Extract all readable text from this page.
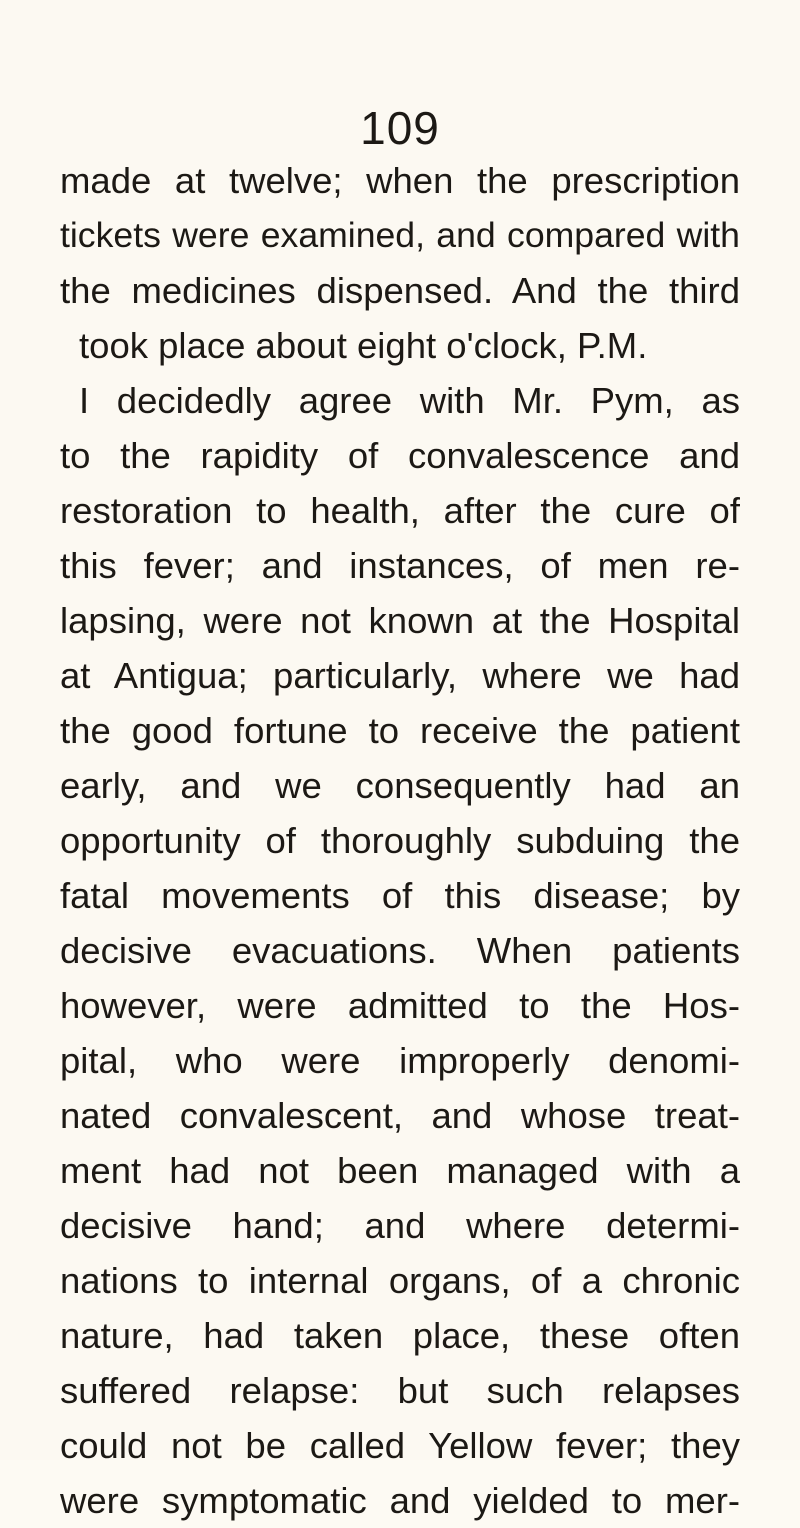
109
made at twelve; when the prescription
tickets were examined, and compared with
the medicines dispensed. And the third
took place about eight o'clock, P.M.
I decidedly agree with Mr. Pym, as
to the rapidity of convalescence and
restoration to health, after the cure of
this fever; and instances, of men re-
lapsing, were not known at the Hospital
at Antigua; particularly, where we had
the good fortune to receive the patient
early, and we consequently had an
opportunity of thoroughly subduing the
fatal movements of this disease; by
decisive evacuations. When patients
however, were admitted to the Hos-
pital, who were improperly denomi-
nated convalescent, and whose treat-
ment had not been managed with a
decisive hand; and where determi-
nations to internal organs, of a chronic
nature, had taken place, these often
suffered relapse: but such relapses
could not be called Yellow fever; they
were symptomatic and yielded to mer-
